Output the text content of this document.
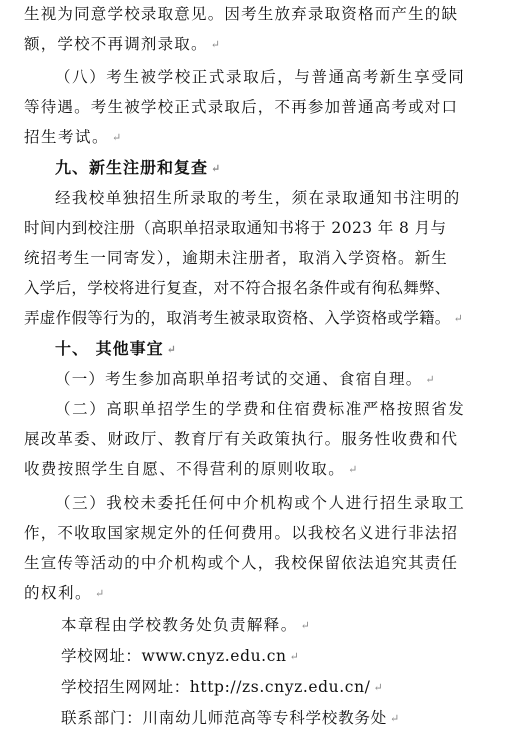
生视为同意学校录取意见。因考生放弃录取资格而产生的缺
额，学校不再调剂录取。 ↵
（八）考生被学校正式录取后，与普通高考新生享受同
等待遇。考生被学校正式录取后，不再参加普通高考或对口
招生考试。 ↵
九、新生注册和复查 ↵
经我校单独招生所录取的考生，须在录取通知书注明的
时间内到校注册（高职单招录取通知书将于 2023 年 8 月与
统招考生一同寄发），逾期未注册者，取消入学资格。新生
入学后，学校将进行复查，对不符合报名条件或有徇私舞弊、
弄虚作假等行为的，取消考生被录取资格、入学资格或学籍。 ↵
十、 其他事宜 ↵
（一）考生参加高职单招考试的交通、食宿自理。 ↵
（二）高职单招学生的学费和住宿费标准严格按照省发
展改革委、财政厅、教育厅有关政策执行。服务性收费和代
收费按照学生自愿、不得营利的原则收取。 ↵
（三）我校未委托任何中介机构或个人进行招生录取工
作，不收取国家规定外的任何费用。以我校名义进行非法招
生宣传等活动的中介机构或个人，我校保留依法追究其责任
的权利。 ↵
本章程由学校教务处负责解释。 ↵
学校网址：www.cnyz.edu.cn ↵
学校招生网网址：http://zs.cnyz.edu.cn/ ↵
联系部门：川南幼儿师范高等专科学校教务处 ↵
